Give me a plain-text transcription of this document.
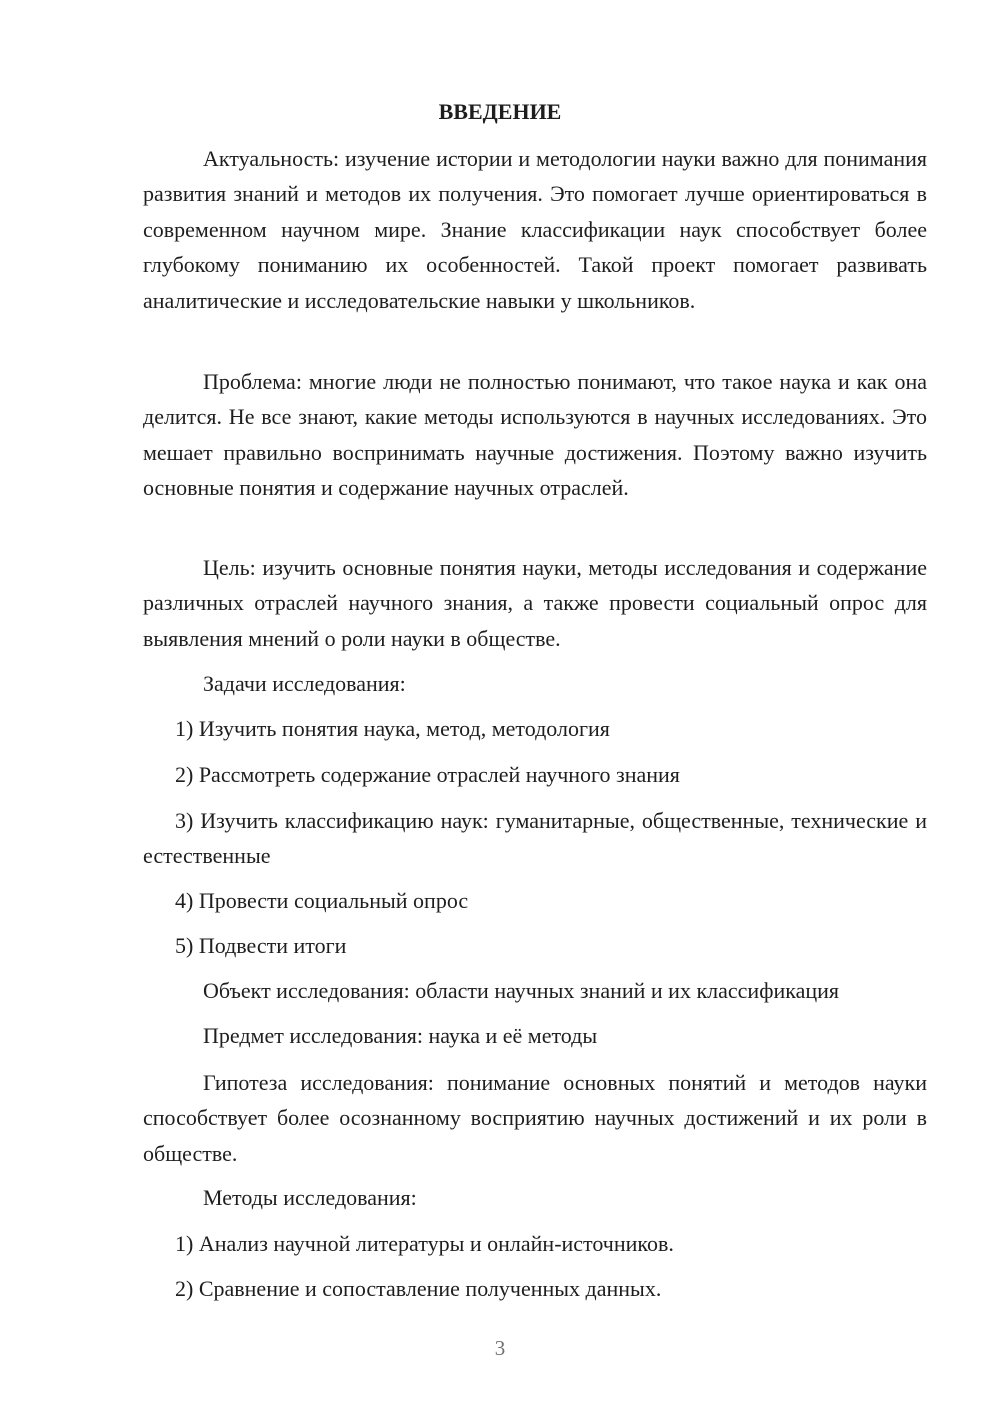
ВВЕДЕНИЕ

Актуальность: изучение истории и методологии науки важно для понимания развития знаний и методов их получения. Это помогает лучше ориентироваться в современном научном мире. Знание классификации наук способствует более глубокому пониманию их особенностей. Такой проект помогает развивать аналитические и исследовательские навыки у школьников.

Проблема: многие люди не полностью понимают, что такое наука и как она делится. Не все знают, какие методы используются в научных исследованиях. Это мешает правильно воспринимать научные достижения. Поэтому важно изучить основные понятия и содержание научных отраслей.

Цель: изучить основные понятия науки, методы исследования и содержание различных отраслей научного знания, а также провести социальный опрос для выявления мнений о роли науки в обществе.

Задачи исследования:

1) Изучить понятия наука, метод, методология

2) Рассмотреть содержание отраслей научного знания

3) Изучить классификацию наук: гуманитарные, общественные, технические и естественные

4) Провести социальный опрос

5) Подвести итоги

Объект исследования: области научных знаний и их классификация

Предмет исследования: наука и её методы

Гипотеза исследования: понимание основных понятий и методов науки способствует более осознанному восприятию научных достижений и их роли в обществе.

Методы исследования:

1) Анализ научной литературы и онлайн-источников.

2) Сравнение и сопоставление полученных данных.

3
